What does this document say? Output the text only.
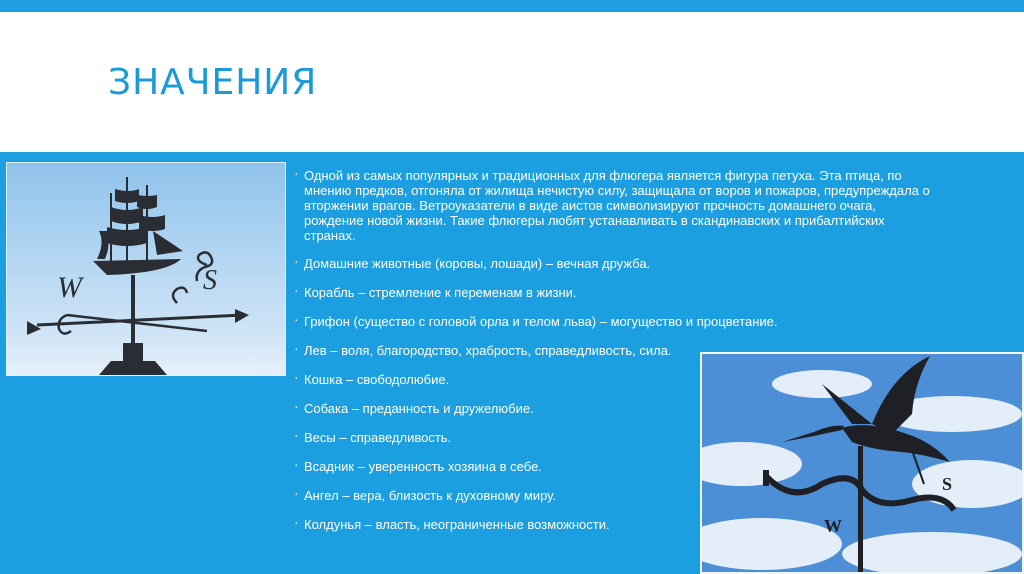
ЗНАЧЕНИЯ
W	S
· Одной из самых популярных и традиционных для флюгера является фигура петуха. Эта птица, по мнению предков, отгоняла от жилища нечистую силу, защищала от воров и пожаров, предупреждала о вторжении врагов. Ветроуказатели в виде аистов символизируют прочность домашнего очага, рождение новой жизни. Такие флюгеры любят устанавливать в скандинавских и прибалтийских странах.
· Домашние животные (коровы, лошади) – вечная дружба.
· Корабль – стремление к переменам в жизни.
· Грифон (существо с головой орла и телом льва) – могущество и процветание.
· Лев – воля, благородство, храбрость, справедливость, сила.
· Кошка – свободолюбие.
· Собака – преданность и дружелюбие.
· Весы – справедливость.
· Всадник – уверенность хозяина в себе.
· Ангел – вера, близость к духовному миру.
· Колдунья – власть, неограниченные возможности.	W
S
